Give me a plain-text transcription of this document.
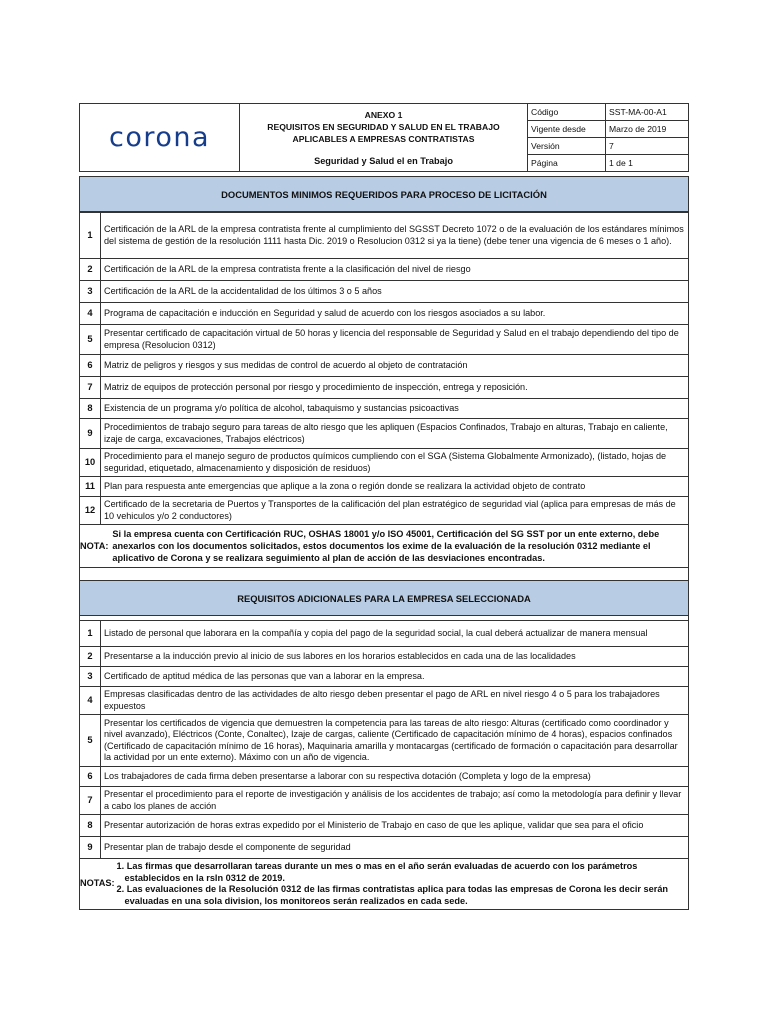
corona	ANEXO 1
REQUISITOS EN SEGURIDAD Y SALUD EN EL TRABAJO
APLICABLES A EMPRESAS CONTRATISTAS
Seguridad y Salud el en Trabajo	Código	SST-MA-00-A1
		Vigente desde	Marzo de 2019
		Versión	7
		Página	1 de 1
DOCUMENTOS MINIMOS REQUERIDOS PARA PROCESO DE LICITACIÓN
1	Certificación de la ARL de la empresa contratista frente al cumplimiento del SGSST Decreto 1072 o de la evaluación de los estándares mínimos del sistema de gestión de la resolución 1111 hasta Dic. 2019 o Resolucion 0312 si ya la tiene) (debe tener una vigencia de 6 meses o 1 año).
2	Certificación de la ARL de la empresa contratista frente a la clasificación del nivel de riesgo
3	Certificación de la ARL de la accidentalidad de los últimos 3 o 5 años
4	Programa de capacitación e inducción en Seguridad y salud de acuerdo con los riesgos asociados a su labor.
5	Presentar certificado de capacitación virtual de 50 horas y licencia del responsable de Seguridad y Salud en el trabajo dependiendo del tipo de empresa (Resolucion 0312)
6	Matriz de peligros y riesgos y sus medidas de control de acuerdo al objeto de contratación
7	Matriz de equipos de protección personal por riesgo y procedimiento de inspección, entrega y reposición.
8	Existencia de un programa y/o política de alcohol, tabaquismo y sustancias psicoactivas
9	Procedimientos de trabajo seguro para tareas de alto riesgo que les apliquen (Espacios Confinados, Trabajo en alturas, Trabajo en caliente, izaje de carga, excavaciones, Trabajos eléctricos)
10	Procedimiento para el manejo seguro de productos químicos cumpliendo con el SGA (Sistema Globalmente Armonizado), (listado, hojas de seguridad, etiquetado, almacenamiento y disposición de residuos)
11	Plan para respuesta ante emergencias que aplique a la zona o región donde se realizara la actividad objeto de contrato
12	Certificado de la secretaria de Puertos y Transportes de la calificación del plan estratégico de seguridad vial (aplica para empresas de más de 10 vehiculos y/o 2 conductores)
NOTA:
Si la empresa cuenta con Certificación RUC, OSHAS 18001 y/o ISO 45001, Certificación del SG SST por un ente externo, debe anexarlos con los documentos solicitados, estos documentos los exime de la evaluación de la resolución 0312 mediante el aplicativo de Corona y se realizara seguimiento al plan de acción de las desviaciones encontradas.
REQUISITOS ADICIONALES PARA LA EMPRESA SELECCIONADA
1	Listado de personal que laborara en la compañía y copia del pago de la seguridad social, la cual deberá actualizar de manera mensual
2	Presentarse a la inducción previo al inicio de sus labores en los horarios establecidos en cada una de las localidades
3	Certificado de aptitud médica de las personas que van a laborar en la empresa.
4	Empresas clasificadas dentro de las actividades de alto riesgo deben presentar el pago de ARL en nivel riesgo 4 o 5 para los trabajadores expuestos
5	Presentar los certificados de vigencia que demuestren la competencia para las tareas de alto riesgo: Alturas (certificado como coordinador y nivel avanzado), Eléctricos (Conte, Conaltec), Izaje de cargas, caliente (Certificado de capacitación mínimo de 4 horas), espacios confinados (Certificado de capacitación mínimo de 16 horas), Maquinaria amarilla y montacargas (certificado de formación o capacitación para desarrollar la actividad por un ente externo). Máximo con un año de vigencia.
6	Los trabajadores de cada firma deben presentarse a laborar con su respectiva dotación (Completa y logo de la empresa)
7	Presentar el procedimiento para el reporte de investigación y análisis de los accidentes de trabajo; así como la metodología para definir y llevar a cabo los planes de acción
8	Presentar autorización de horas extras expedido por el Ministerio de Trabajo en caso de que les aplique, validar que sea para el oficio
9	Presentar plan de trabajo desde el componente de seguridad
NOTAS:
1. Las firmas que desarrollaran tareas durante un mes o mas en el año serán evaluadas de acuerdo con los parámetros establecidos en la rsln 0312 de 2019.
2. Las evaluaciones de la Resolución 0312 de las firmas contratistas aplica para todas las empresas de Corona les decir serán evaluadas en una sola division, los monitoreos serán realizados en cada sede.
